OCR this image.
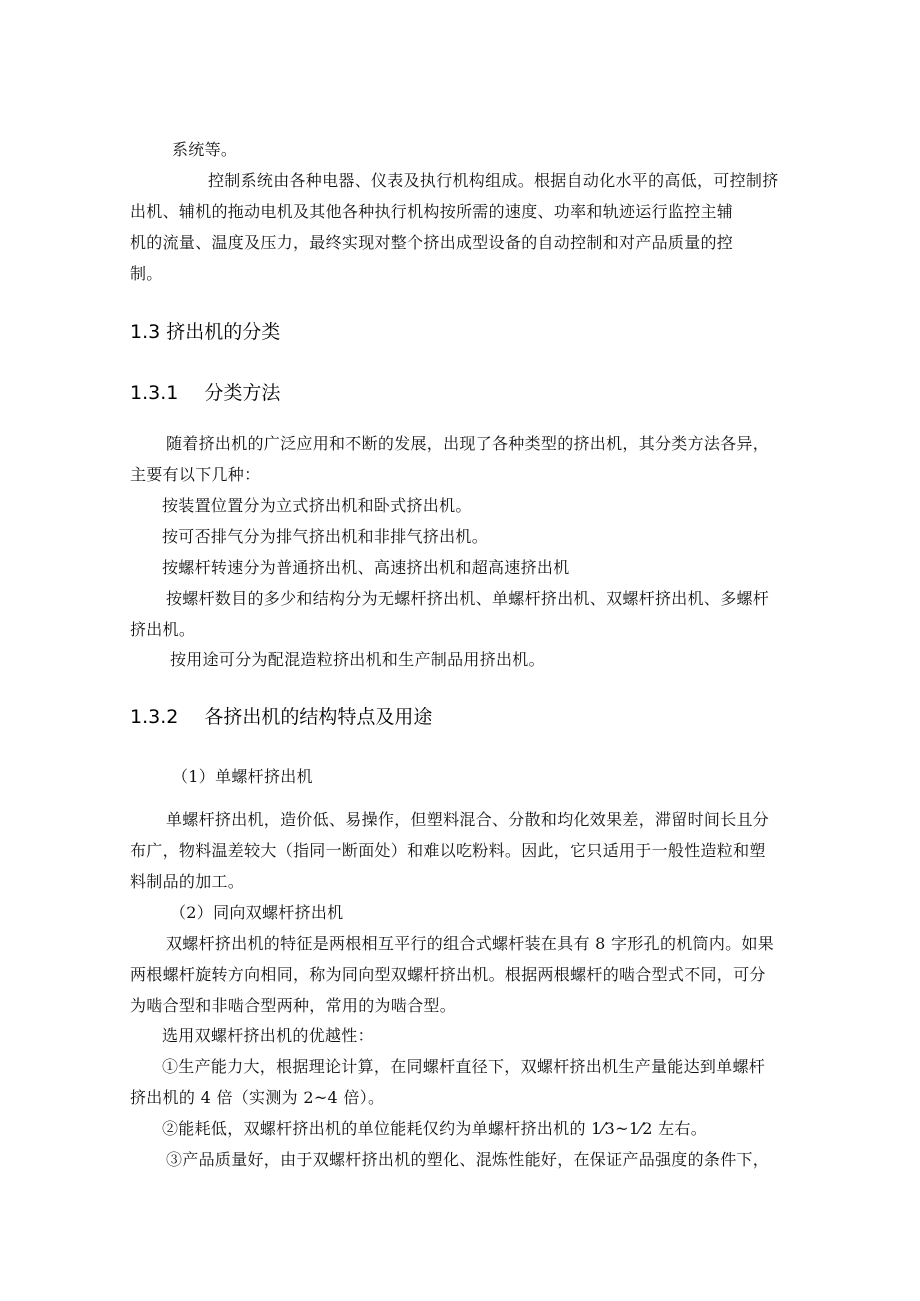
系统等。
控制系统由各种电器、仪表及执行机构组成。根据自动化水平的高低，可控制挤
出机、辅机的拖动电机及其他各种执行机构按所需的速度、功率和轨迹运行监控主辅
机的流量、温度及压力，最终实现对整个挤出成型设备的自动控制和对产品质量的控
制。
1.3 挤出机的分类
1.3.1 分类方法
随着挤出机的广泛应用和不断的发展，出现了各种类型的挤出机，其分类方法各异，
主要有以下几种：
按装置位置分为立式挤出机和卧式挤出机。
按可否排气分为排气挤出机和非排气挤出机。
按螺杆转速分为普通挤出机、高速挤出机和超高速挤出机
按螺杆数目的多少和结构分为无螺杆挤出机、单螺杆挤出机、双螺杆挤出机、多螺杆
挤出机。
按用途可分为配混造粒挤出机和生产制品用挤出机。
1.3.2 各挤出机的结构特点及用途
（1）单螺杆挤出机
单螺杆挤出机，造价低、易操作，但塑料混合、分散和均化效果差，滞留时间长且分
布广，物料温差较大（指同一断面处）和难以吃粉料。因此，它只适用于一般性造粒和塑
料制品的加工。
（2）同向双螺杆挤出机
双螺杆挤出机的特征是两根相互平行的组合式螺杆装在具有 8 字形孔的机筒内。如果
两根螺杆旋转方向相同，称为同向型双螺杆挤出机。根据两根螺杆的啮合型式不同，可分
为啮合型和非啮合型两种，常用的为啮合型。
选用双螺杆挤出机的优越性：
①生产能力大，根据理论计算，在同螺杆直径下，双螺杆挤出机生产量能达到单螺杆
挤出机的 4 倍（实测为 2~4 倍）。
②能耗低，双螺杆挤出机的单位能耗仅约为单螺杆挤出机的 1⁄3~1⁄2 左右。
③产品质量好，由于双螺杆挤出机的塑化、混炼性能好，在保证产品强度的条件下，
